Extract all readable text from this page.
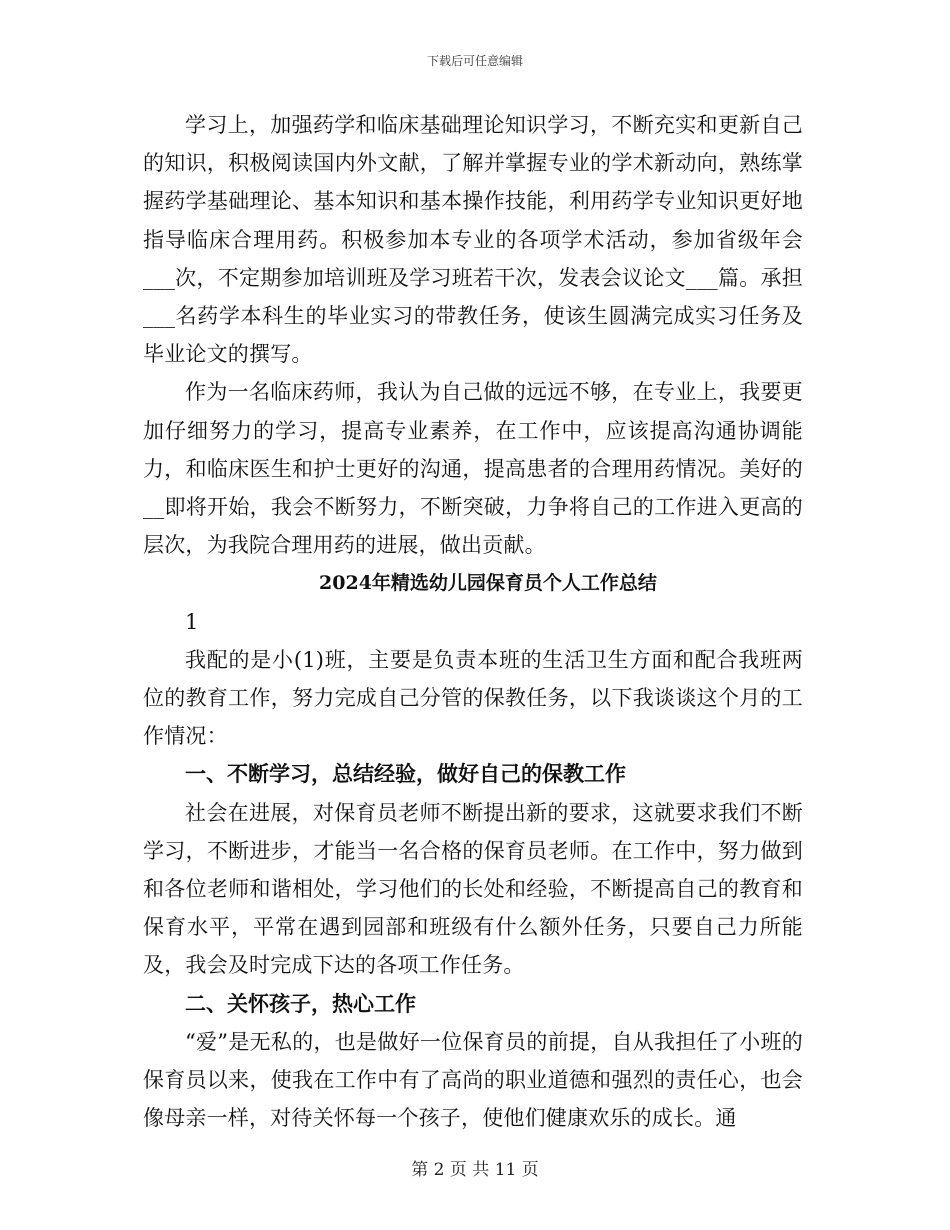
下载后可任意编辑

学习上，加强药学和临床基础理论知识学习，不断充实和更新自己的知识，积极阅读国内外文献，了解并掌握专业的学术新动向，熟练掌握药学基础理论、基本知识和基本操作技能，利用药学专业知识更好地指导临床合理用药。积极参加本专业的各项学术活动，参加省级年会___次，不定期参加培训班及学习班若干次，发表会议论文___篇。承担___名药学本科生的毕业实习的带教任务，使该生圆满完成实习任务及毕业论文的撰写。

作为一名临床药师，我认为自己做的远远不够，在专业上，我要更加仔细努力的学习，提高专业素养，在工作中，应该提高沟通协调能力，和临床医生和护士更好的沟通，提高患者的合理用药情况。美好的__即将开始，我会不断努力，不断突破，力争将自己的工作进入更高的层次，为我院合理用药的进展，做出贡献。

2024年精选幼儿园保育员个人工作总结

1

我配的是小(1)班，主要是负责本班的生活卫生方面和配合我班两位的教育工作，努力完成自己分管的保教任务，以下我谈谈这个月的工作情况：

一、不断学习，总结经验，做好自己的保教工作

社会在进展，对保育员老师不断提出新的要求，这就要求我们不断学习，不断进步，才能当一名合格的保育员老师。在工作中，努力做到和各位老师和谐相处，学习他们的长处和经验，不断提高自己的教育和保育水平，平常在遇到园部和班级有什么额外任务，只要自己力所能及，我会及时完成下达的各项工作任务。

二、关怀孩子，热心工作

“爱”是无私的，也是做好一位保育员的前提，自从我担任了小班的保育员以来，使我在工作中有了高尚的职业道德和强烈的责任心，也会像母亲一样，对待关怀每一个孩子，使他们健康欢乐的成长。通

第 2 页 共 11 页
